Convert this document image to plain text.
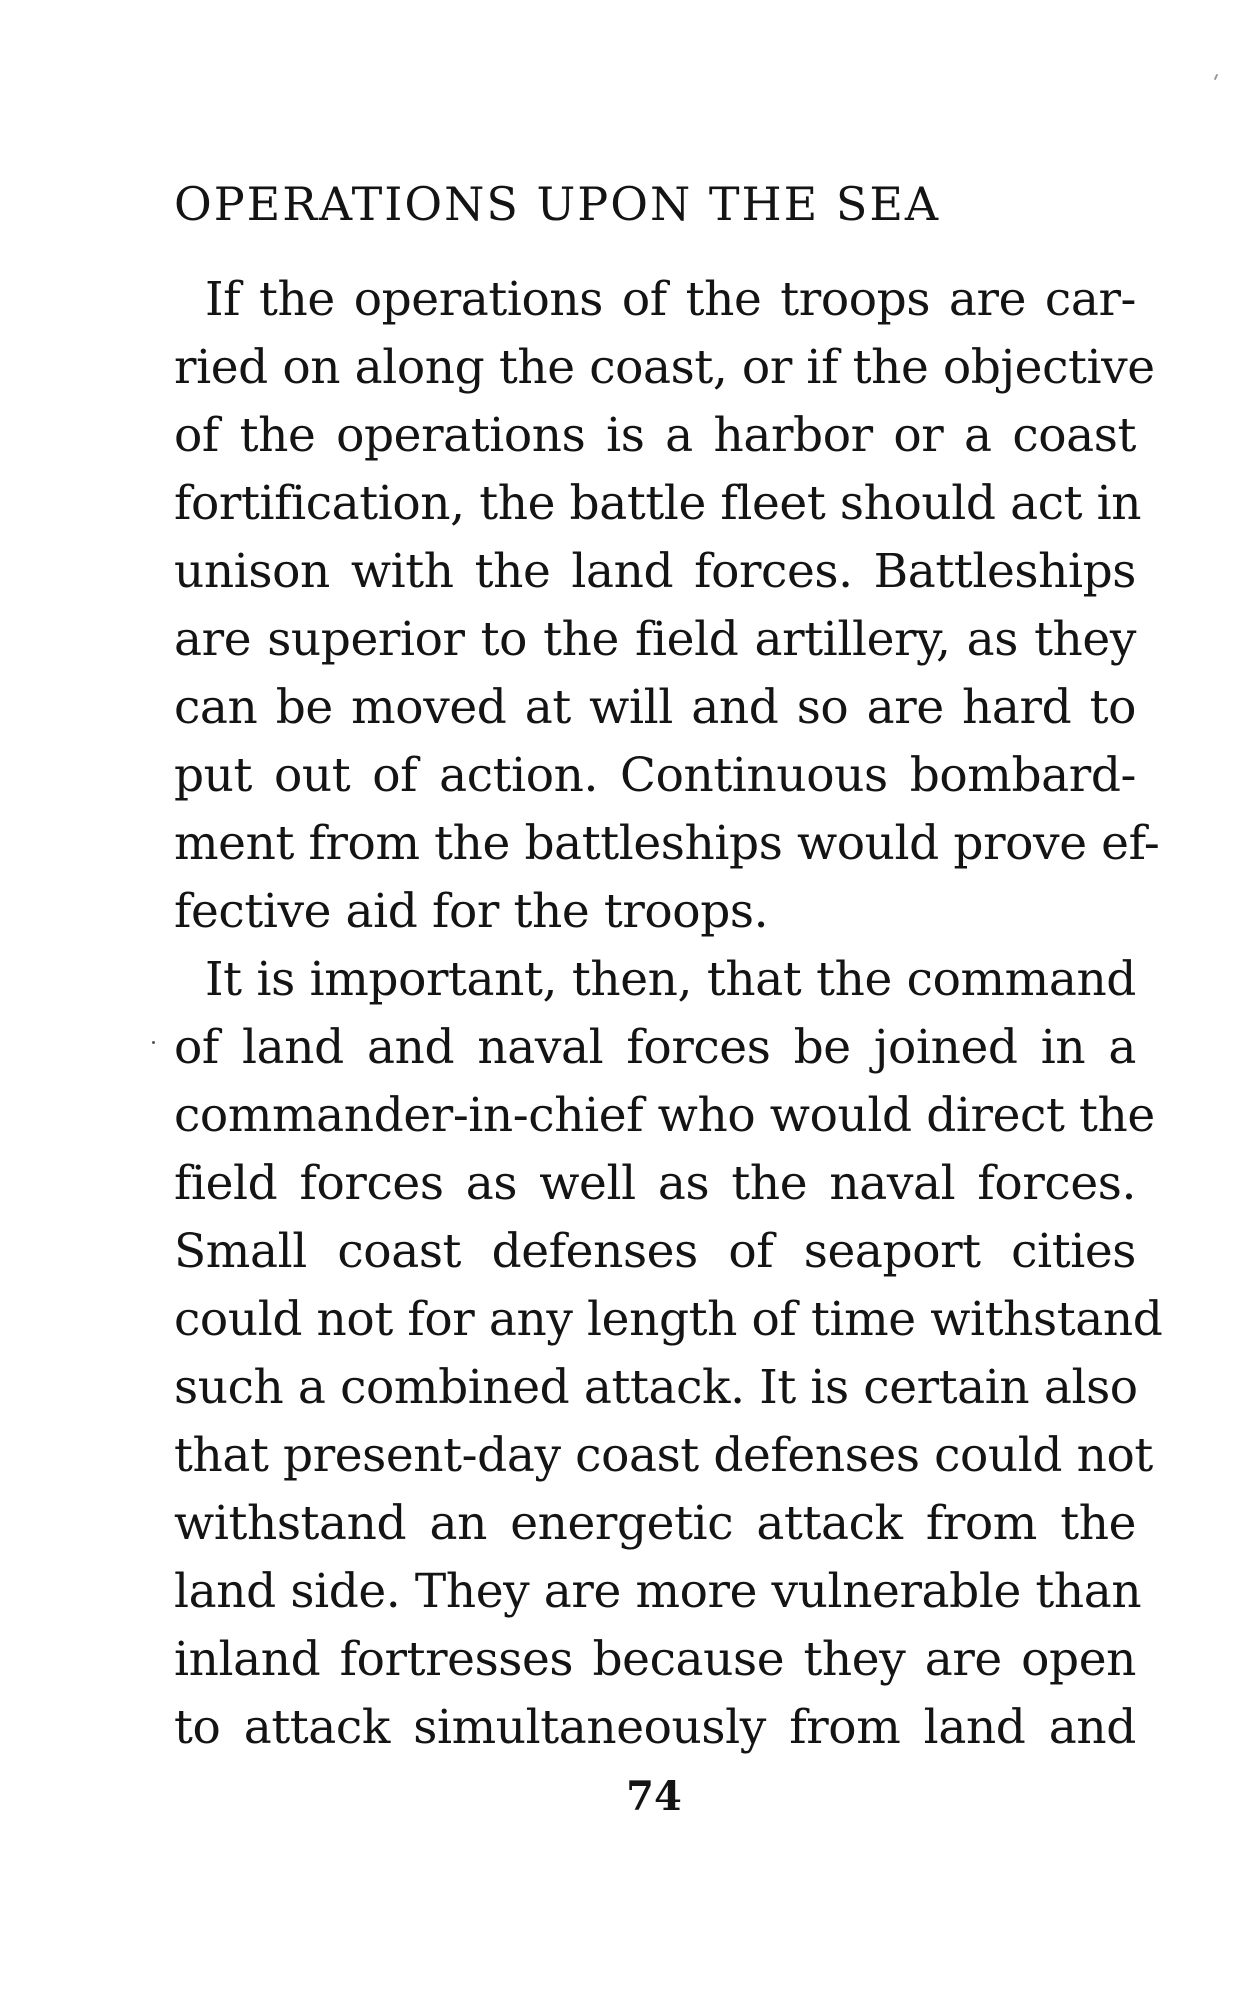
OPERATIONS UPON THE SEA
If the operations of the troops are car-
ried on along the coast, or if the objective
of the operations is a harbor or a coast
fortification, the battle fleet should act in
unison with the land forces. Battleships
are superior to the field artillery, as they
can be moved at will and so are hard to
put out of action. Continuous bombard-
ment from the battleships would prove ef-
fective aid for the troops.
It is important, then, that the command
of land and naval forces be joined in a
commander-in-chief who would direct the
field forces as well as the naval forces.
Small coast defenses of seaport cities
could not for any length of time withstand
such a combined attack. It is certain also
that present-day coast defenses could not
withstand an energetic attack from the
land side. They are more vulnerable than
inland fortresses because they are open
to attack simultaneously from land and
74
